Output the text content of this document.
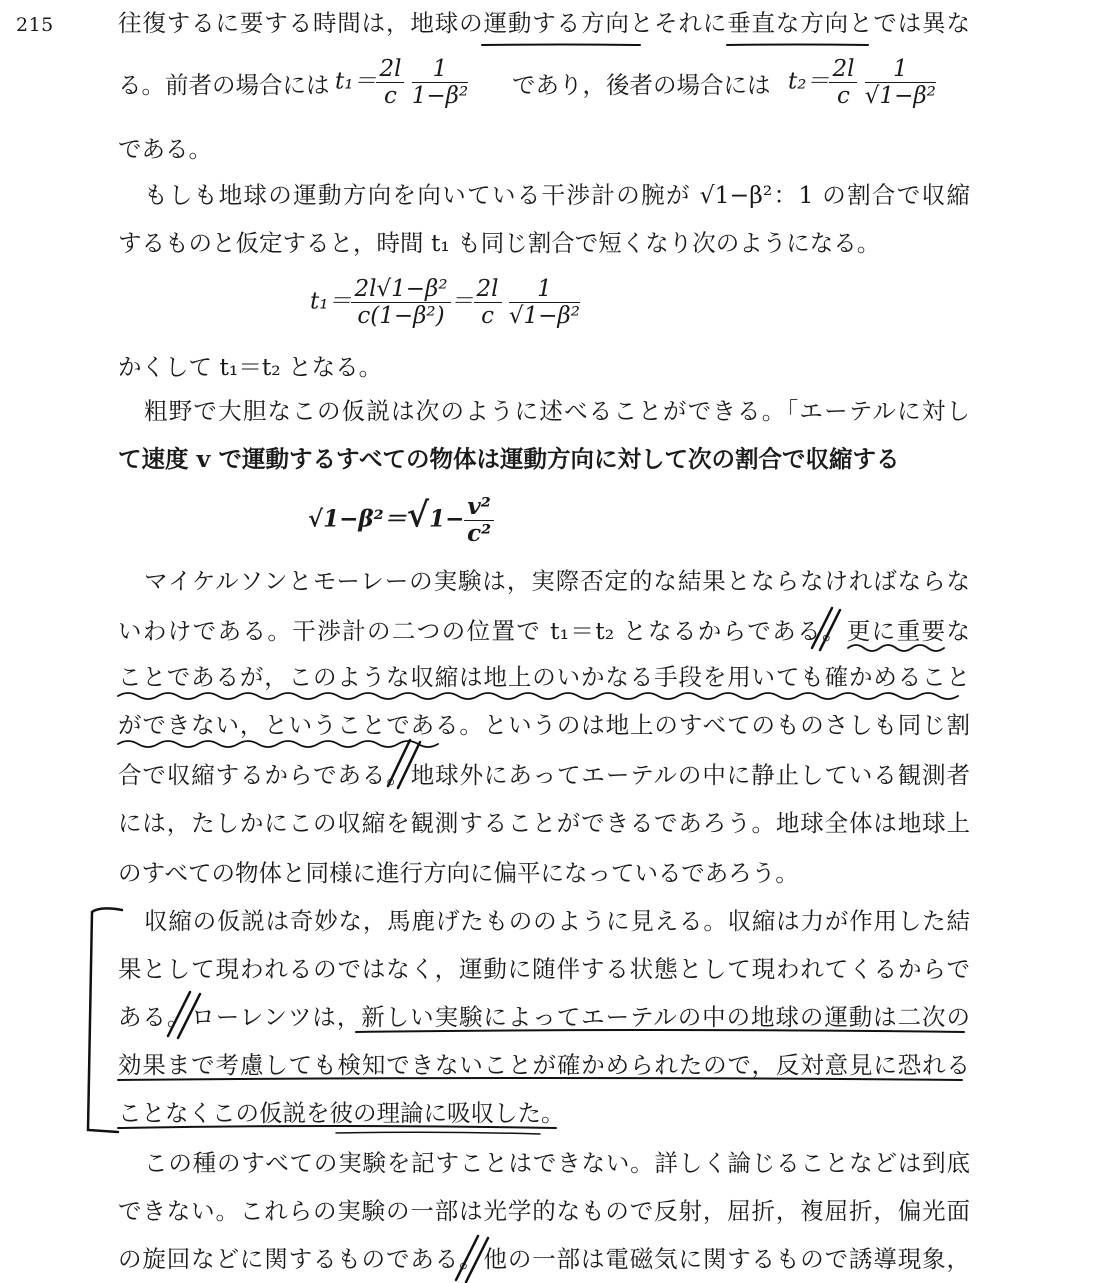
215	往復するに要する時間は，地球の運動する方向とそれに垂直な方向とでは異な
る。前者の場合には $t_1= \frac{2l}{c}$
$\frac{1}{\text{1−β²}}$ であり，後者の場合には $t_2= \frac{2l}{c}$
$\frac{1}{\text{√1−β²}}$
である。
もしも地球の運動方向を向いている干渉計の腕が √1−β²：1 の割合で収縮
するものと仮定すると，時間 t₁ も同じ割合で短くなり次のようになる。
$t_1= \frac{\text{2l√1−β²}}{\text{c(1−β²)}} = \frac{2l}{c}$
$\frac{1}{\text{√1−β²}}$
かくして t₁＝t₂ となる。
粗野で大胆なこの仮説は次のように述べることができる。「エーテルに対し
て速度 v で運動するすべての物体は運動方向に対して次の割合で収縮する
$√1-\beta^2=√1- \frac{\text{v²}}{\text{c²}}$
マイケルソンとモーレーの実験は，実際否定的な結果とならなければならな
いわけである。干渉計の二つの位置で t₁＝t₂ となるからである。更に重要な
ことであるが，このような収縮は地上のいかなる手段を用いても確かめること
ができない，ということである。というのは地上のすべてのものさしも同じ割
合で収縮するからである。地球外にあってエーテルの中に静止している観測者
には，たしかにこの収縮を観測することができるであろう。地球全体は地球上
のすべての物体と同様に進行方向に偏平になっているであろう。
収縮の仮説は奇妙な，馬鹿げたもののように見える。収縮は力が作用した結
果として現われるのではなく，運動に随伴する状態として現われてくるからで
ある。ローレンツは，新しい実験によってエーテルの中の地球の運動は二次の
効果まで考慮しても検知できないことが確かめられたので，反対意見に恐れる
ことなくこの仮説を彼の理論に吸収した。
この種のすべての実験を記すことはできない。詳しく論じることなどは到底
できない。これらの実験の一部は光学的なもので反射，屈折，複屈折，偏光面
の旋回などに関するものである。他の一部は電磁気に関するもので誘導現象，
